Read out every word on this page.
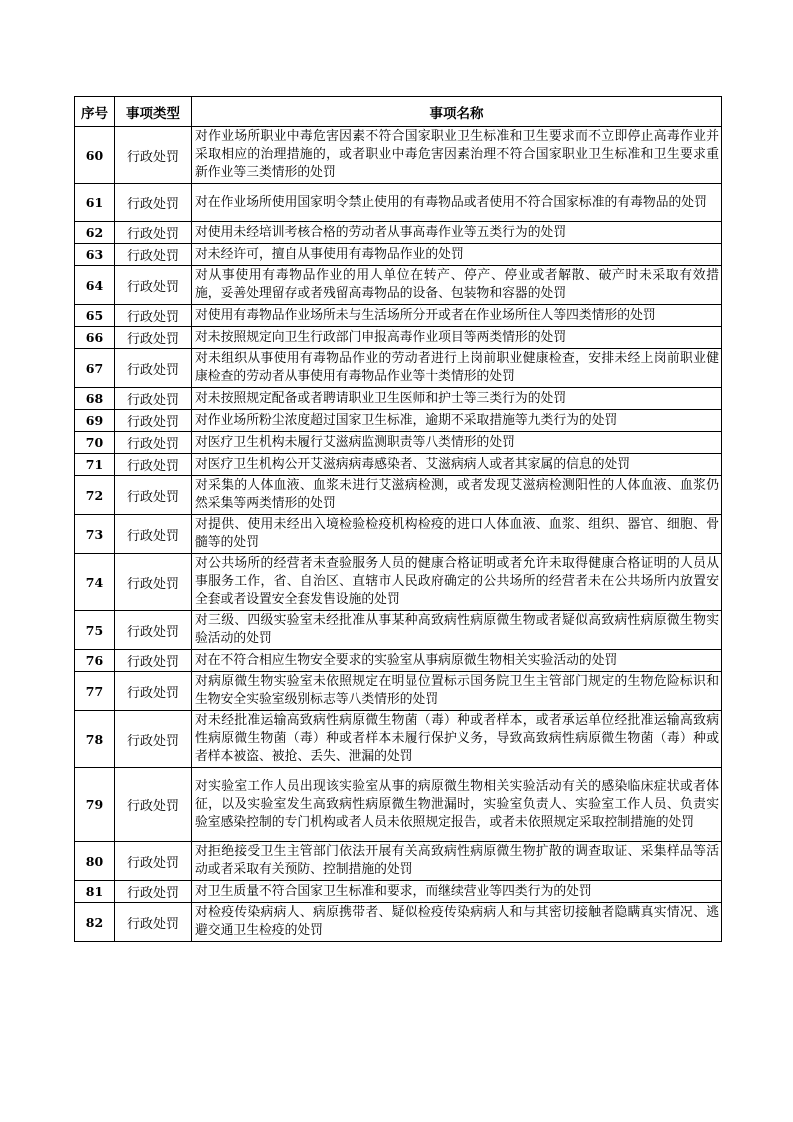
序号	事项类型	事项名称
60	行政处罚	对作业场所职业中毒危害因素不符合国家职业卫生标准和卫生要求而不立即停止高毒作业并采取相应的治理措施的，或者职业中毒危害因素治理不符合国家职业卫生标准和卫生要求重新作业等三类情形的处罚
61	行政处罚	对在作业场所使用国家明令禁止使用的有毒物品或者使用不符合国家标准的有毒物品的处罚
62	行政处罚	对使用未经培训考核合格的劳动者从事高毒作业等五类行为的处罚
63	行政处罚	对未经许可，擅自从事使用有毒物品作业的处罚
64	行政处罚	对从事使用有毒物品作业的用人单位在转产、停产、停业或者解散、破产时未采取有效措施，妥善处理留存或者残留高毒物品的设备、包装物和容器的处罚
65	行政处罚	对使用有毒物品作业场所未与生活场所分开或者在作业场所住人等四类情形的处罚
66	行政处罚	对未按照规定向卫生行政部门申报高毒作业项目等两类情形的处罚
67	行政处罚	对未组织从事使用有毒物品作业的劳动者进行上岗前职业健康检查，安排未经上岗前职业健康检查的劳动者从事使用有毒物品作业等十类情形的处罚
68	行政处罚	对未按照规定配备或者聘请职业卫生医师和护士等三类行为的处罚
69	行政处罚	对作业场所粉尘浓度超过国家卫生标准，逾期不采取措施等九类行为的处罚
70	行政处罚	对医疗卫生机构未履行艾滋病监测职责等八类情形的处罚
71	行政处罚	对医疗卫生机构公开艾滋病病毒感染者、艾滋病病人或者其家属的信息的处罚
72	行政处罚	对采集的人体血液、血浆未进行艾滋病检测，或者发现艾滋病检测阳性的人体血液、血浆仍然采集等两类情形的处罚
73	行政处罚	对提供、使用未经出入境检验检疫机构检疫的进口人体血液、血浆、组织、器官、细胞、骨髓等的处罚
74	行政处罚	对公共场所的经营者未查验服务人员的健康合格证明或者允许未取得健康合格证明的人员从事服务工作，省、自治区、直辖市人民政府确定的公共场所的经营者未在公共场所内放置安全套或者设置安全套发售设施的处罚
75	行政处罚	对三级、四级实验室未经批准从事某种高致病性病原微生物或者疑似高致病性病原微生物实验活动的处罚
76	行政处罚	对在不符合相应生物安全要求的实验室从事病原微生物相关实验活动的处罚
77	行政处罚	对病原微生物实验室未依照规定在明显位置标示国务院卫生主管部门规定的生物危险标识和生物安全实验室级别标志等八类情形的处罚
78	行政处罚	对未经批准运输高致病性病原微生物菌（毒）种或者样本，或者承运单位经批准运输高致病性病原微生物菌（毒）种或者样本未履行保护义务，导致高致病性病原微生物菌（毒）种或者样本被盗、被抢、丢失、泄漏的处罚
79	行政处罚	对实验室工作人员出现该实验室从事的病原微生物相关实验活动有关的感染临床症状或者体征，以及实验室发生高致病性病原微生物泄漏时，实验室负责人、实验室工作人员、负责实验室感染控制的专门机构或者人员未依照规定报告，或者未依照规定采取控制措施的处罚
80	行政处罚	对拒绝接受卫生主管部门依法开展有关高致病性病原微生物扩散的调查取证、采集样品等活动或者采取有关预防、控制措施的处罚
81	行政处罚	对卫生质量不符合国家卫生标准和要求，而继续营业等四类行为的处罚
82	行政处罚	对检疫传染病病人、病原携带者、疑似检疫传染病病人和与其密切接触者隐瞒真实情况、逃避交通卫生检疫的处罚
